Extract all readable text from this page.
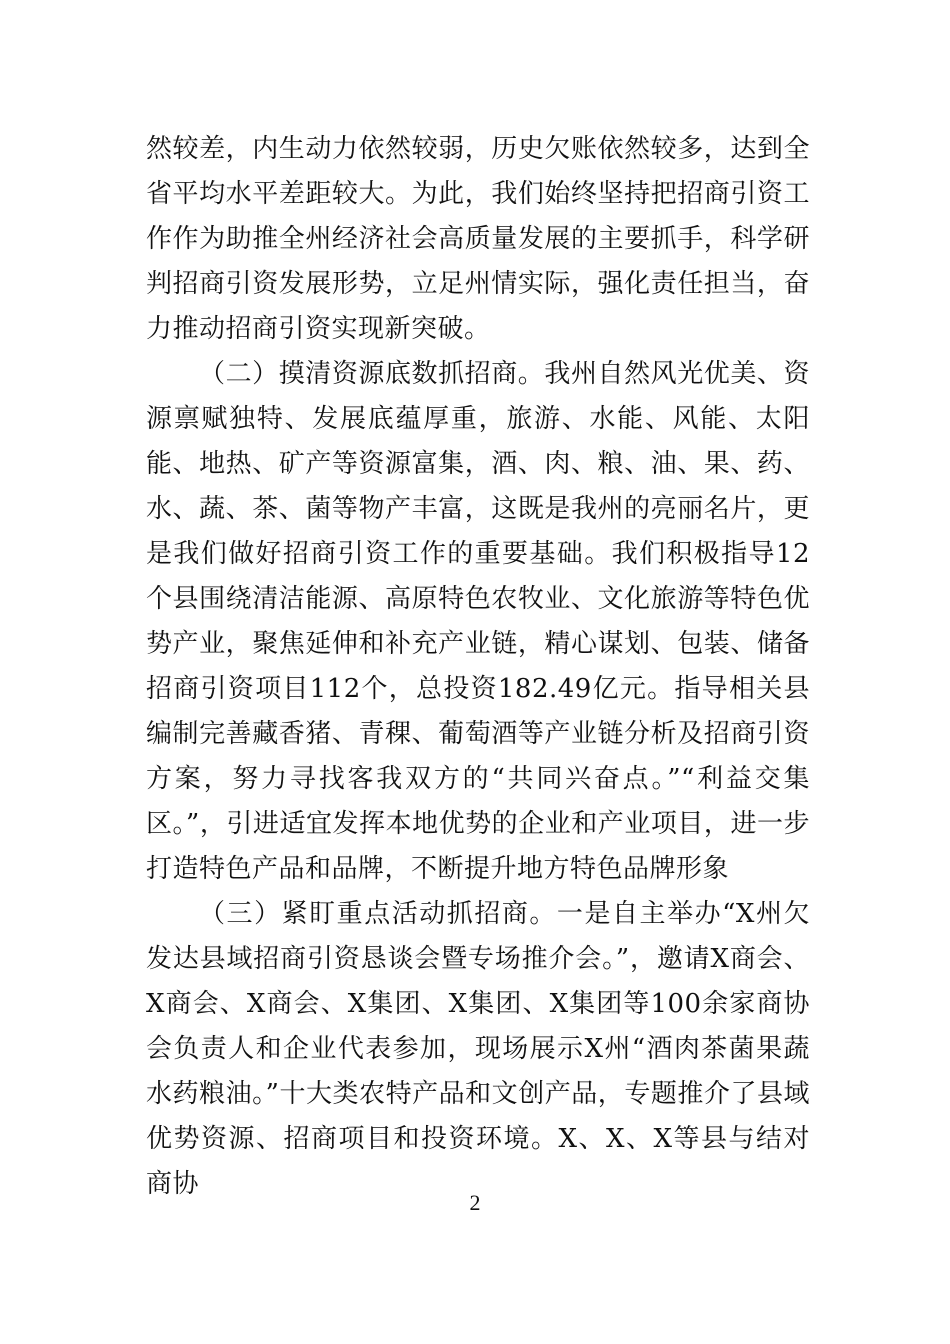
然较差，内生动力依然较弱，历史欠账依然较多，达到全省平均水平差距较大。为此，我们始终坚持把招商引资工作作为助推全州经济社会高质量发展的主要抓手，科学研判招商引资发展形势，立足州情实际，强化责任担当，奋力推动招商引资实现新突破。

（二）摸清资源底数抓招商。我州自然风光优美、资源禀赋独特、发展底蕴厚重，旅游、水能、风能、太阳能、地热、矿产等资源富集，酒、肉、粮、油、果、药、水、蔬、茶、菌等物产丰富，这既是我州的亮丽名片，更是我们做好招商引资工作的重要基础。我们积极指导12个县围绕清洁能源、高原特色农牧业、文化旅游等特色优势产业，聚焦延伸和补充产业链，精心谋划、包装、储备招商引资项目112个，总投资182.49亿元。指导相关县编制完善藏香猪、青稞、葡萄酒等产业链分析及招商引资方案，努力寻找客我双方的“共同兴奋点。”“利益交集区。”，引进适宜发挥本地优势的企业和产业项目，进一步打造特色产品和品牌，不断提升地方特色品牌形象

（三）紧盯重点活动抓招商。一是自主举办“X州欠发达县域招商引资恳谈会暨专场推介会。”，邀请X商会、X商会、X商会、X集团、X集团、X集团等100余家商协会负责人和企业代表参加，现场展示X州“酒肉茶菌果蔬水药粮油。”十大类农特产品和文创产品，专题推介了县域优势资源、招商项目和投资环境。X、X、X等县与结对商协

2
